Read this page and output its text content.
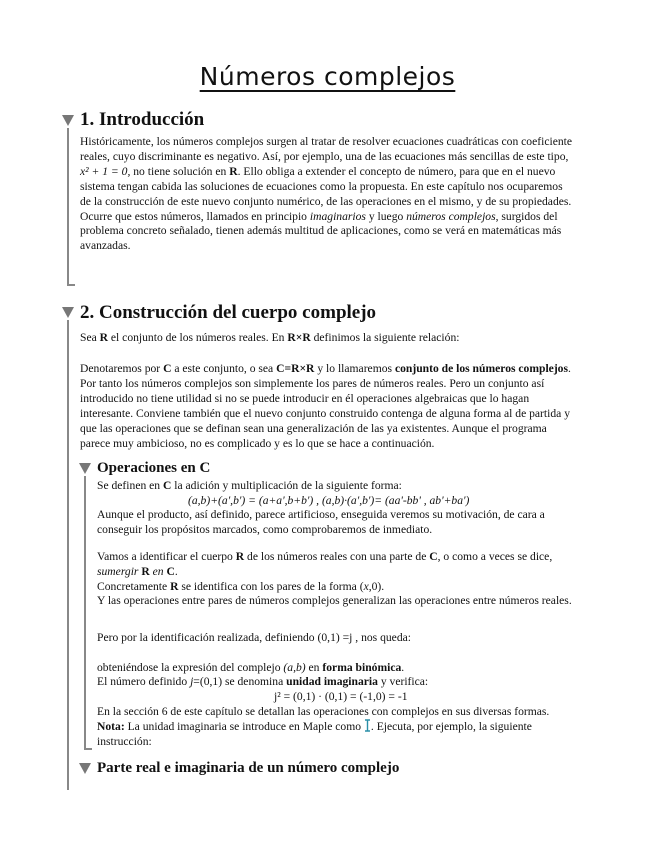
Números complejos
1. Introducción
Históricamente, los números complejos surgen al tratar de resolver ecuaciones cuadráticas con coeficiente reales, cuyo discriminante es negativo. Así, por ejemplo, una de las ecuaciones más sencillas de este tipo, x² + 1 = 0, no tiene solución en R. Ello obliga a extender el concepto de número, para que en el nuevo sistema tengan cabida las soluciones de ecuaciones como la propuesta. En este capítulo nos ocuparemos de la construcción de este nuevo conjunto numérico, de las operaciones en el mismo, y de su propiedades. Ocurre que estos números, llamados en principio imaginarios y luego números complejos, surgidos del problema concreto señalado, tienen además multitud de aplicaciones, como se verá en matemáticas más avanzadas.
2. Construcción del cuerpo complejo
Sea R el conjunto de los números reales. En R×R definimos la siguiente relación:
Denotaremos por C a este conjunto, o sea C=R×R y lo llamaremos conjunto de los números complejos. Por tanto los números complejos son simplemente los pares de números reales. Pero un conjunto así introducido no tiene utilidad si no se puede introducir en él operaciones algebraicas que lo hagan interesante. Conviene también que el nuevo conjunto construido contenga de alguna forma al de partida y que las operaciones que se definan sean una generalización de las ya existentes. Aunque el programa parece muy ambicioso, no es complicado y es lo que se hace a continuación.
Operaciones en C
Se definen en C la adición y multiplicación de la siguiente forma:
(a,b)+(a',b') = (a+a',b+b') , (a,b)·(a',b')= (aa'-bb' , ab'+ba')
Aunque el producto, así definido, parece artificioso, enseguida veremos su motivación, de cara a conseguir los propósitos marcados, como comprobaremos de inmediato.
Vamos a identificar el cuerpo R de los números reales con una parte de C, o como a veces se dice,
sumergir R en C.
Concretamente R se identifica con los pares de la forma (x,0).
Y las operaciones entre pares de números complejos generalizan las operaciones entre números reales.
Pero por la identificación realizada, definiendo (0,1) =j , nos queda:
obteniéndose la expresión del complejo (a,b) en forma binómica.
El número definido j=(0,1) se denomina unidad imaginaria y verifica:
j² = (0,1) · (0,1) = (-1,0) = -1
En la sección 6 de este capítulo se detallan las operaciones con complejos en sus diversas formas.
Nota: La unidad imaginaria se introduce en Maple como . Ejecuta, por ejemplo, la siguiente instrucción:
Parte real e imaginaria de un número complejo
